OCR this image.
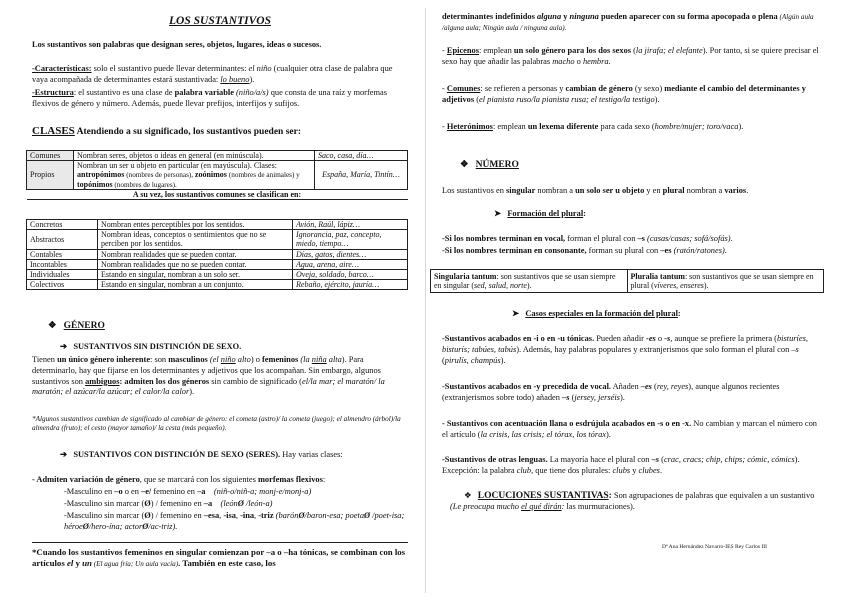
LOS SUSTANTIVOS

Los sustantivos son palabras que designan seres, objetos, lugares, ideas o sucesos.

-Características: solo el sustantivo puede llevar determinantes: el niño (cualquier otra clase de palabra que vaya acompañada de determinantes estará sustantivada: lo bueno).

-Estructura: el sustantivo es una clase de palabra variable (niño/a/s) que consta de una raíz y morfemas flexivos de género y número. Además, puede llevar prefijos, interfijos y sufijos.

CLASES Atendiendo a su significado, los sustantivos pueden ser:

Comunes	Nombran seres, objetos o ideas en general (en minúscula).	Saco, casa, día…
Propios	Nombran un ser u objeto en particular (en mayúscula). Clases: antropónimos (nombres de personas), zoónimos (nombres de animales) y topónimos (nombres de lugares).	España, María, Tintín…
A su vez, los sustantivos comunes se clasifican en:		
Concretos	Nombran entes perceptibles por los sentidos.	Avión, Raúl, lápiz…
Abstractos	Nombran ideas, conceptos o sentimientos que no se perciben por los sentidos.	Ignorancia, paz, concepto, miedo, tiempo…
Contables	Nombran realidades que se pueden contar.	Días, gatos, dientes…
Incontables	Nombran realidades que no se pueden contar.	Agua, arena, aire…
Individuales	Estando en singular, nombran a un solo ser.	Oveja, soldado, barco…
Colectivos	Estando en singular, nombran a un conjunto.	Rebaño, ejército, jauría…

❖ GÉNERO

➔ SUSTANTIVOS SIN DISTINCIÓN DE SEXO.

Tienen un único género inherente: son masculinos (el niño alto) o femeninos (la niña alta). Para determinarlo, hay que fijarse en los determinantes y adjetivos que los acompañan. Sin embargo, algunos sustantivos son ambiguos: admiten los dos géneros sin cambio de significado (el/la mar; el maratón/ la maratón; el azúcar/la azúcar; el calor/la calor).

*Algunos sustantivos cambian de significado al cambiar de género: el cometa (astro)/ la cometa (juego); el almendro (árbol)/la almendra (fruto); el cesto (mayor tamaño)/ la cesta (más pequeño).

➔ SUSTANTIVOS CON DISTINCIÓN DE SEXO (SERES). Hay varias clases:

- Admiten variación de género, que se marcará con los siguientes morfemas flexivos:

-Masculino en –o o en –e/ femenino en –a (niñ-o/niñ-a; monj-e/monj-a)

-Masculino sin marcar (Ø) / femenino en –a (leónØ /león-a)

-Masculino sin marcar (Ø) / femenino en –esa, -isa, -ina, -triz (barónØ/baron-esa; poetaØ /poet-isa; héroeØ/hero-ína; actorØ/ac-triz).

*Cuando los sustantivos femeninos en singular comienzan por –a o –ha tónicas, se combinan con los artículos el y un (El agua fría; Un aula vacía). También en este caso, los

determinantes indefinidos alguna y ninguna pueden aparecer con su forma apocopada o plena (Algún aula /alguna aula; Ningún aula / ninguna aula).

- Epicenos: emplean un solo género para los dos sexos (la jirafa; el elefante). Por tanto, si se quiere precisar el sexo hay que añadir las palabras macho o hembra.

- Comunes: se refieren a personas y cambian de género (y sexo) mediante el cambio del determinantes y adjetivos (el pianista ruso/la pianista rusa; el testigo/la testigo).

- Heterónimos: emplean un lexema diferente para cada sexo (hombre/mujer; toro/vaca).

❖ NÚMERO

Los sustantivos en singular nombran a un solo ser u objeto y en plural nombran a varios.

➤ Formación del plural:

-Si los nombres terminan en vocal, forman el plural con –s (casas/casas; sofá/sofás).

-Si los nombres terminan en consonante, forman su plural con –es (ratón/ratones).

Singularia tantum: son sustantivos que se usan siempre en singular (sed, salud, norte).	Pluralia tantum: son sustantivos que se usan siempre en plural (víveres, enseres).

➤ Casos especiales en la formación del plural:

-Sustantivos acabados en -i o en -u tónicas. Pueden añadir -es o -s, aunque se prefiere la primera (bisturíes, bisturís; tabúes, tabús). Además, hay palabras populares y extranjerismos que solo forman el plural con –s (pirulís, champús).

-Sustantivos acabados en -y precedida de vocal. Añaden –es (rey, reyes), aunque algunos recientes (extranjerismos sobre todo) añaden –s (jersey, jerséis).

- Sustantivos con acentuación llana o esdrújula acabados en -s o en -x. No cambian y marcan el número con el artículo (la crisis, las crisis; el tórax, los tórax).

-Sustantivos de otras lenguas. La mayoría hace el plural con –s (crac, cracs; chip, chips; cómic, cómics). Excepción: la palabra club, que tiene dos plurales: clubs y clubes.

❖ LOCUCIONES SUSTANTIVAS: Son agrupaciones de palabras que equivalen a un sustantivo (Le preocupa mucho el qué dirán: las murmuraciones).

Dª Ana Hernández Navarro-IES Rey Carlos III
